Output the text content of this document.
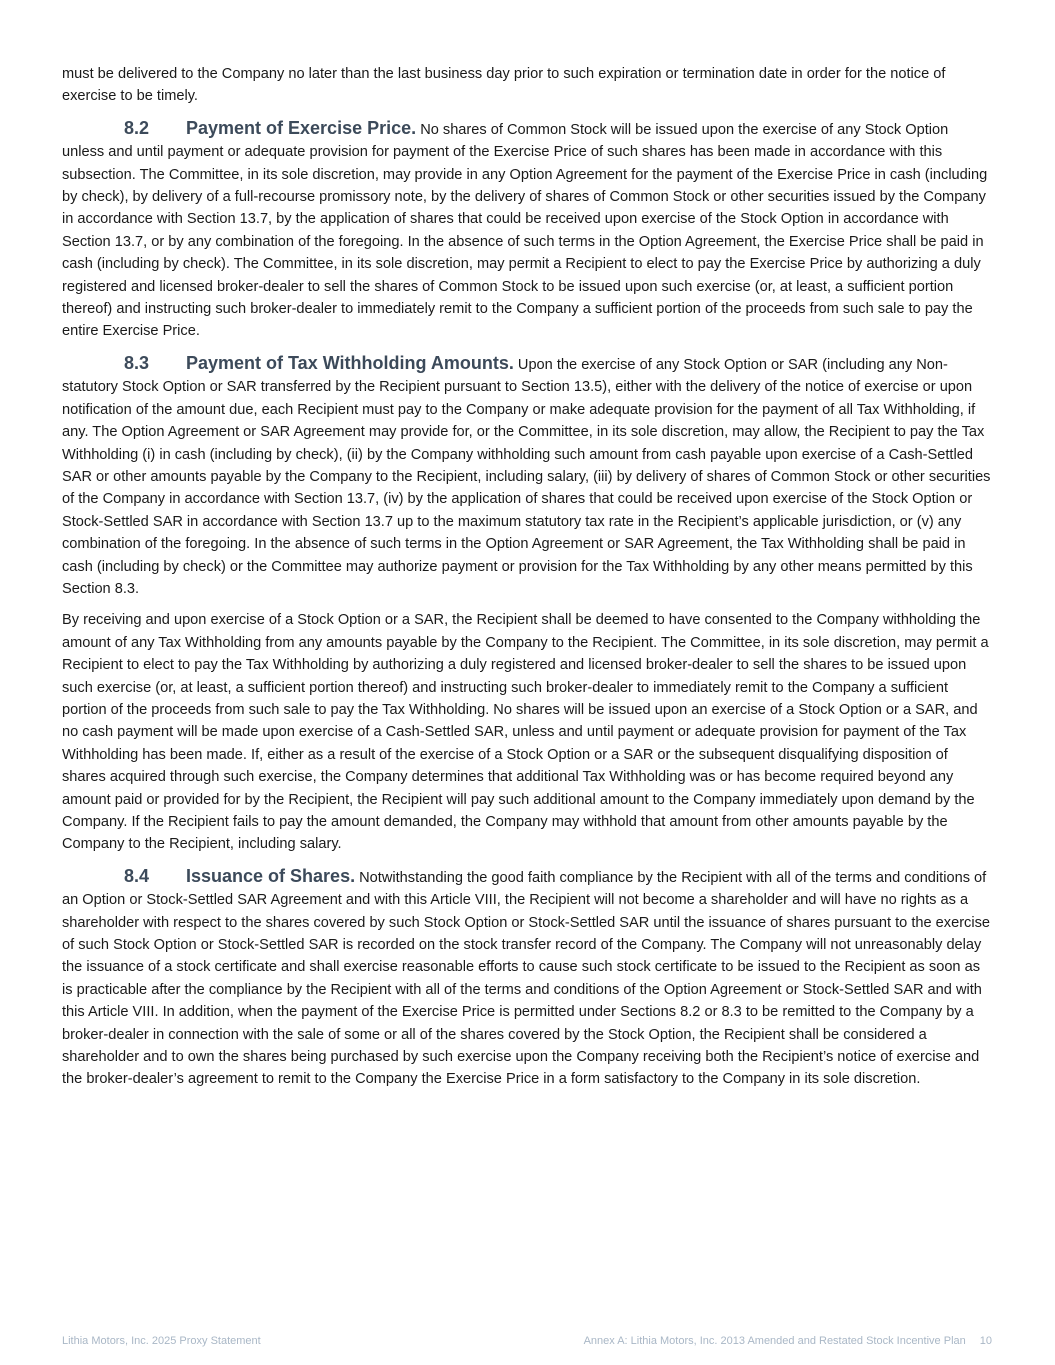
must be delivered to the Company no later than the last business day prior to such expiration or termination date in order for the notice of exercise to be timely.

8.2 Payment of Exercise Price. No shares of Common Stock will be issued upon the exercise of any Stock Option unless and until payment or adequate provision for payment of the Exercise Price of such shares has been made in accordance with this subsection. The Committee, in its sole discretion, may provide in any Option Agreement for the payment of the Exercise Price in cash (including by check), by delivery of a full-recourse promissory note, by the delivery of shares of Common Stock or other securities issued by the Company in accordance with Section 13.7, by the application of shares that could be received upon exercise of the Stock Option in accordance with Section 13.7, or by any combination of the foregoing. In the absence of such terms in the Option Agreement, the Exercise Price shall be paid in cash (including by check). The Committee, in its sole discretion, may permit a Recipient to elect to pay the Exercise Price by authorizing a duly registered and licensed broker-dealer to sell the shares of Common Stock to be issued upon such exercise (or, at least, a sufficient portion thereof) and instructing such broker-dealer to immediately remit to the Company a sufficient portion of the proceeds from such sale to pay the entire Exercise Price.

8.3 Payment of Tax Withholding Amounts. Upon the exercise of any Stock Option or SAR (including any Non-statutory Stock Option or SAR transferred by the Recipient pursuant to Section 13.5), either with the delivery of the notice of exercise or upon notification of the amount due, each Recipient must pay to the Company or make adequate provision for the payment of all Tax Withholding, if any. The Option Agreement or SAR Agreement may provide for, or the Committee, in its sole discretion, may allow, the Recipient to pay the Tax Withholding (i) in cash (including by check), (ii) by the Company withholding such amount from cash payable upon exercise of a Cash-Settled SAR or other amounts payable by the Company to the Recipient, including salary, (iii) by delivery of shares of Common Stock or other securities of the Company in accordance with Section 13.7, (iv) by the application of shares that could be received upon exercise of the Stock Option or Stock-Settled SAR in accordance with Section 13.7 up to the maximum statutory tax rate in the Recipient’s applicable jurisdiction, or (v) any combination of the foregoing. In the absence of such terms in the Option Agreement or SAR Agreement, the Tax Withholding shall be paid in cash (including by check) or the Committee may authorize payment or provision for the Tax Withholding by any other means permitted by this Section 8.3.

By receiving and upon exercise of a Stock Option or a SAR, the Recipient shall be deemed to have consented to the Company withholding the amount of any Tax Withholding from any amounts payable by the Company to the Recipient. The Committee, in its sole discretion, may permit a Recipient to elect to pay the Tax Withholding by authorizing a duly registered and licensed broker-dealer to sell the shares to be issued upon such exercise (or, at least, a sufficient portion thereof) and instructing such broker-dealer to immediately remit to the Company a sufficient portion of the proceeds from such sale to pay the Tax Withholding. No shares will be issued upon an exercise of a Stock Option or a SAR, and no cash payment will be made upon exercise of a Cash-Settled SAR, unless and until payment or adequate provision for payment of the Tax Withholding has been made. If, either as a result of the exercise of a Stock Option or a SAR or the subsequent disqualifying disposition of shares acquired through such exercise, the Company determines that additional Tax Withholding was or has become required beyond any amount paid or provided for by the Recipient, the Recipient will pay such additional amount to the Company immediately upon demand by the Company. If the Recipient fails to pay the amount demanded, the Company may withhold that amount from other amounts payable by the Company to the Recipient, including salary.

8.4 Issuance of Shares. Notwithstanding the good faith compliance by the Recipient with all of the terms and conditions of an Option or Stock-Settled SAR Agreement and with this Article VIII, the Recipient will not become a shareholder and will have no rights as a shareholder with respect to the shares covered by such Stock Option or Stock-Settled SAR until the issuance of shares pursuant to the exercise of such Stock Option or Stock-Settled SAR is recorded on the stock transfer record of the Company. The Company will not unreasonably delay the issuance of a stock certificate and shall exercise reasonable efforts to cause such stock certificate to be issued to the Recipient as soon as is practicable after the compliance by the Recipient with all of the terms and conditions of the Option Agreement or Stock-Settled SAR and with this Article VIII. In addition, when the payment of the Exercise Price is permitted under Sections 8.2 or 8.3 to be remitted to the Company by a broker-dealer in connection with the sale of some or all of the shares covered by the Stock Option, the Recipient shall be considered a shareholder and to own the shares being purchased by such exercise upon the Company receiving both the Recipient’s notice of exercise and the broker-dealer’s agreement to remit to the Company the Exercise Price in a form satisfactory to the Company in its sole discretion.

Lithia Motors, Inc. 2025 Proxy Statement	Annex A: Lithia Motors, Inc. 2013 Amended and Restated Stock Incentive Plan 10
